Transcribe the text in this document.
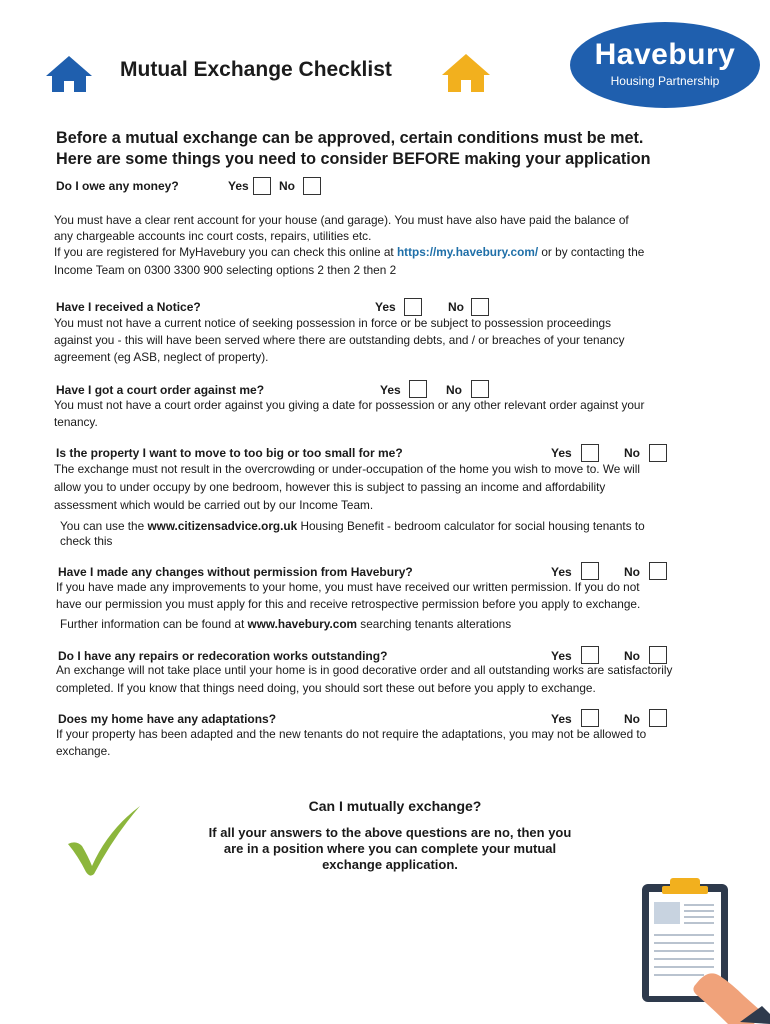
Mutual Exchange Checklist	Havebury
Housing Partnership
Before a mutual exchange can be approved, certain conditions must be met.
Here are some things you need to consider BEFORE making your application
Do I owe any money?	Yes	No
You must have a clear rent account for your house (and garage). You must have also have paid the balance of
any chargeable accounts inc court costs, repairs, utilities etc.
If you are registered for MyHavebury you can check this online at https://my.havebury.com/ or by contacting the
Income Team on 0300 3300 900 selecting options 2 then 2 then 2
Have I received a Notice?	Yes	No
You must not have a current notice of seeking possession in force or be subject to possession proceedings
against you - this will have been served where there are outstanding debts, and / or breaches of your tenancy
agreement (eg ASB, neglect of property).
Have I got a court order against me?	Yes	No
You must not have a court order against you giving a date for possession or any other relevant order against your
tenancy.
Is the property I want to move to too big or too small for me?	Yes	No
The exchange must not result in the overcrowding or under-occupation of the home you wish to move to. We will
allow you to under occupy by one bedroom, however this is subject to passing an income and affordability
assessment which would be carried out by our Income Team.
You can use the www.citizensadvice.org.uk Housing Benefit - bedroom calculator for social housing tenants to
check this
Have I made any changes without permission from Havebury?	Yes	No
If you have made any improvements to your home, you must have received our written permission. If you do not
have our permission you must apply for this and receive retrospective permission before you apply to exchange.
Further information can be found at www.havebury.com searching tenants alterations
Do I have any repairs or redecoration works outstanding?	Yes	No
An exchange will not take place until your home is in good decorative order and all outstanding works are satisfactorily
completed. If you know that things need doing, you should sort these out before you apply to exchange.
Does my home have any adaptations?	Yes	No
If your property has been adapted and the new tenants do not require the adaptations, you may not be allowed to
exchange.
Can I mutually exchange?
If all your answers to the above questions are no, then you
are in a position where you can complete your mutual
exchange application.
